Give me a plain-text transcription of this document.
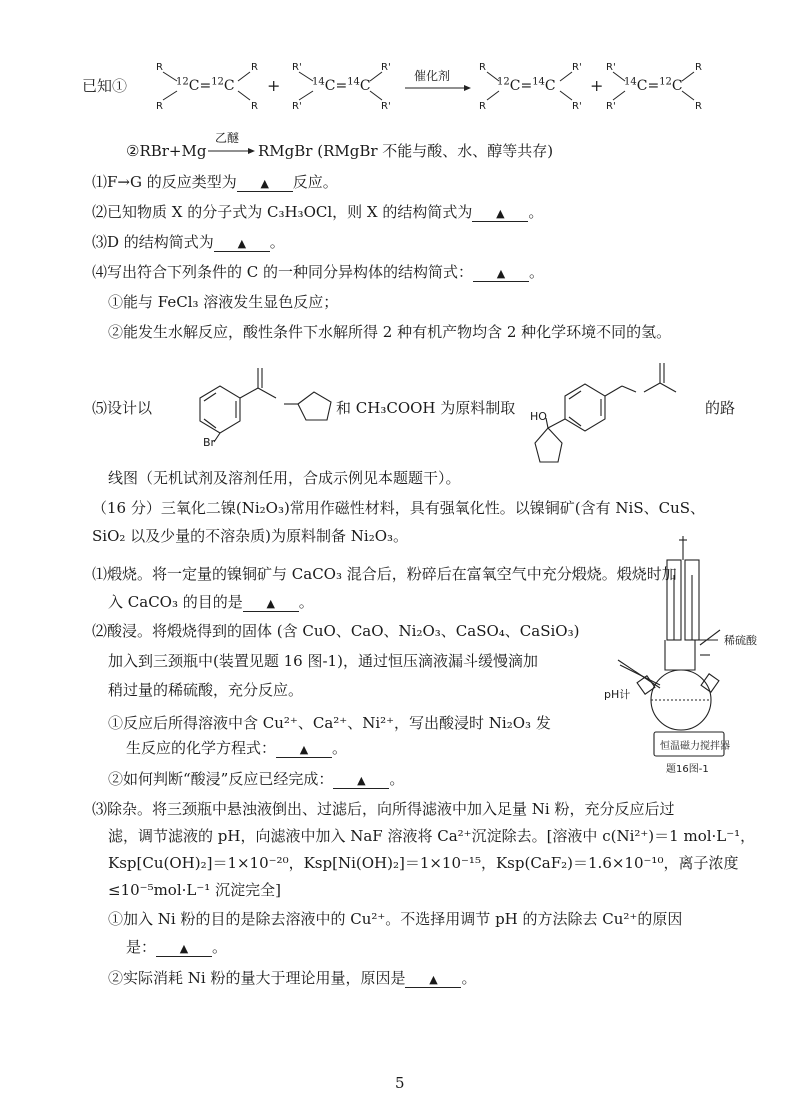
已知①
R
R
R
R
$^{12}$C=$^{12}$C +
R'
R'
$^{14}$C=$^{14}$C
R'
R'
催化剂
R
R
$^{12}$C=$^{14}$C
R'
R'
+
R'
R'
$^{14}$C=$^{12}$C
R
R
②RBr+Mg
乙醚
RMgBr (RMgBr 不能与酸、水、醇等共存)
⑴F→G 的反应类型为 ▲ 反应。
⑵已知物质 X 的分子式为 C₃H₃OCl，则 X 的结构简式为 ▲ 。
⑶D 的结构简式为 ▲ 。
⑷写出符合下列条件的 C 的一种同分异构体的结构简式： ▲ 。
①能与 FeCl₃ 溶液发生显色反应；
②能发生水解反应，酸性条件下水解所得 2 种有机产物均含 2 种化学环境不同的氢。
⑸设计以
Br
和 CH₃COOH 为原料制取 HO	的路
线图（无机试剂及溶剂任用，合成示例见本题题干）。
（16 分）三氧化二镍(Ni₂O₃)常用作磁性材料，具有强氧化性。以镍铜矿(含有 NiS、CuS、
SiO₂ 以及少量的不溶杂质)为原料制备 Ni₂O₃。
⑴煅烧。将一定量的镍铜矿与 CaCO₃ 混合后，粉碎后在富氧空气中充分煅烧。煅烧时加
入 CaCO₃ 的目的是 ▲ 。
⑵酸浸。将煅烧得到的固体 (含 CuO、CaO、Ni₂O₃、CaSO₄、CaSiO₃)
加入到三颈瓶中(装置见题 16 图-1)，通过恒压滴液漏斗缓慢滴加
稍过量的稀硫酸，充分反应。
①反应后所得溶液中含 Cu²⁺、Ca²⁺、Ni²⁺，写出酸浸时 Ni₂O₃ 发
生反应的化学方程式： ▲ 。
②如何判断“酸浸”反应已经完成： ▲ 。
稀硫酸
pH计
恒温磁力搅拌器
题16图-1
⑶除杂。将三颈瓶中悬浊液倒出、过滤后，向所得滤液中加入足量 Ni 粉，充分反应后过
滤，调节滤液的 pH，向滤液中加入 NaF 溶液将 Ca²⁺沉淀除去。[溶液中 c(Ni²⁺)＝1 mol·L⁻¹，
Ksp[Cu(OH)₂]＝1×10⁻²⁰，Ksp[Ni(OH)₂]＝1×10⁻¹⁵，Ksp(CaF₂)＝1.6×10⁻¹⁰，离子浓度
≤10⁻⁵mol·L⁻¹ 沉淀完全]
①加入 Ni 粉的目的是除去溶液中的 Cu²⁺。不选择用调节 pH 的方法除去 Cu²⁺的原因
是： ▲ 。
②实际消耗 Ni 粉的量大于理论用量，原因是 ▲ 。
5
